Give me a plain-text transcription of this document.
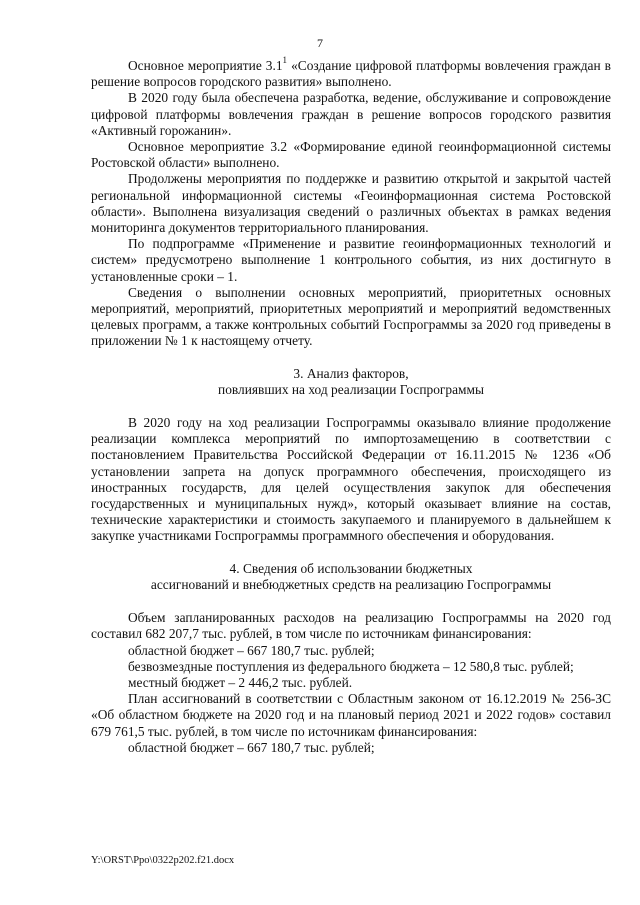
7

Основное мероприятие $3.1^1$ «Создание цифровой платформы вовлечения граждан в решение вопросов городского развития» выполнено.

В 2020 году была обеспечена разработка, ведение, обслуживание и сопровождение цифровой платформы вовлечения граждан в решение вопросов городского развития «Активный горожанин».

Основное мероприятие 3.2 «Формирование единой геоинформационной системы Ростовской области» выполнено.

Продолжены мероприятия по поддержке и развитию открытой и закрытой частей региональной информационной системы «Геоинформационная система Ростовской области». Выполнена визуализация сведений о различных объектах в рамках ведения мониторинга документов территориального планирования.

По подпрограмме «Применение и развитие геоинформационных технологий и систем» предусмотрено выполнение 1 контрольного события, из них достигнуто в установленные сроки – 1.

Сведения о выполнении основных мероприятий, приоритетных основных мероприятий, мероприятий, приоритетных мероприятий и мероприятий ведомственных целевых программ, а также контрольных событий Госпрограммы за 2020 год приведены в приложении № 1 к настоящему отчету.

3. Анализ факторов,
повлиявших на ход реализации Госпрограммы

В 2020 году на ход реализации Госпрограммы оказывало влияние продолжение реализации комплекса мероприятий по импортозамещению в соответствии с постановлением Правительства Российской Федерации от 16.11.2015 № 1236 «Об установлении запрета на допуск программного обеспечения, происходящего из иностранных государств, для целей осуществления закупок для обеспечения государственных и муниципальных нужд», который оказывает влияние на состав, технические характеристики и стоимость закупаемого и планируемого в дальнейшем к закупке участниками Госпрограммы программного обеспечения и оборудования.

4. Сведения об использовании бюджетных
ассигнований и внебюджетных средств на реализацию Госпрограммы

Объем запланированных расходов на реализацию Госпрограммы на 2020 год составил 682 207,7 тыс. рублей, в том числе по источникам финансирования:

областной бюджет – 667 180,7 тыс. рублей;

безвозмездные поступления из федерального бюджета – 12 580,8 тыс. рублей;

местный бюджет – 2 446,2 тыс. рублей.

План ассигнований в соответствии с Областным законом от 16.12.2019 № 256-ЗС «Об областном бюджете на 2020 год и на плановый период 2021 и 2022 годов» составил 679 761,5 тыс. рублей, в том числе по источникам финансирования:

областной бюджет – 667 180,7 тыс. рублей;

Y:\ORST\Ppo\0322p202.f21.docx
